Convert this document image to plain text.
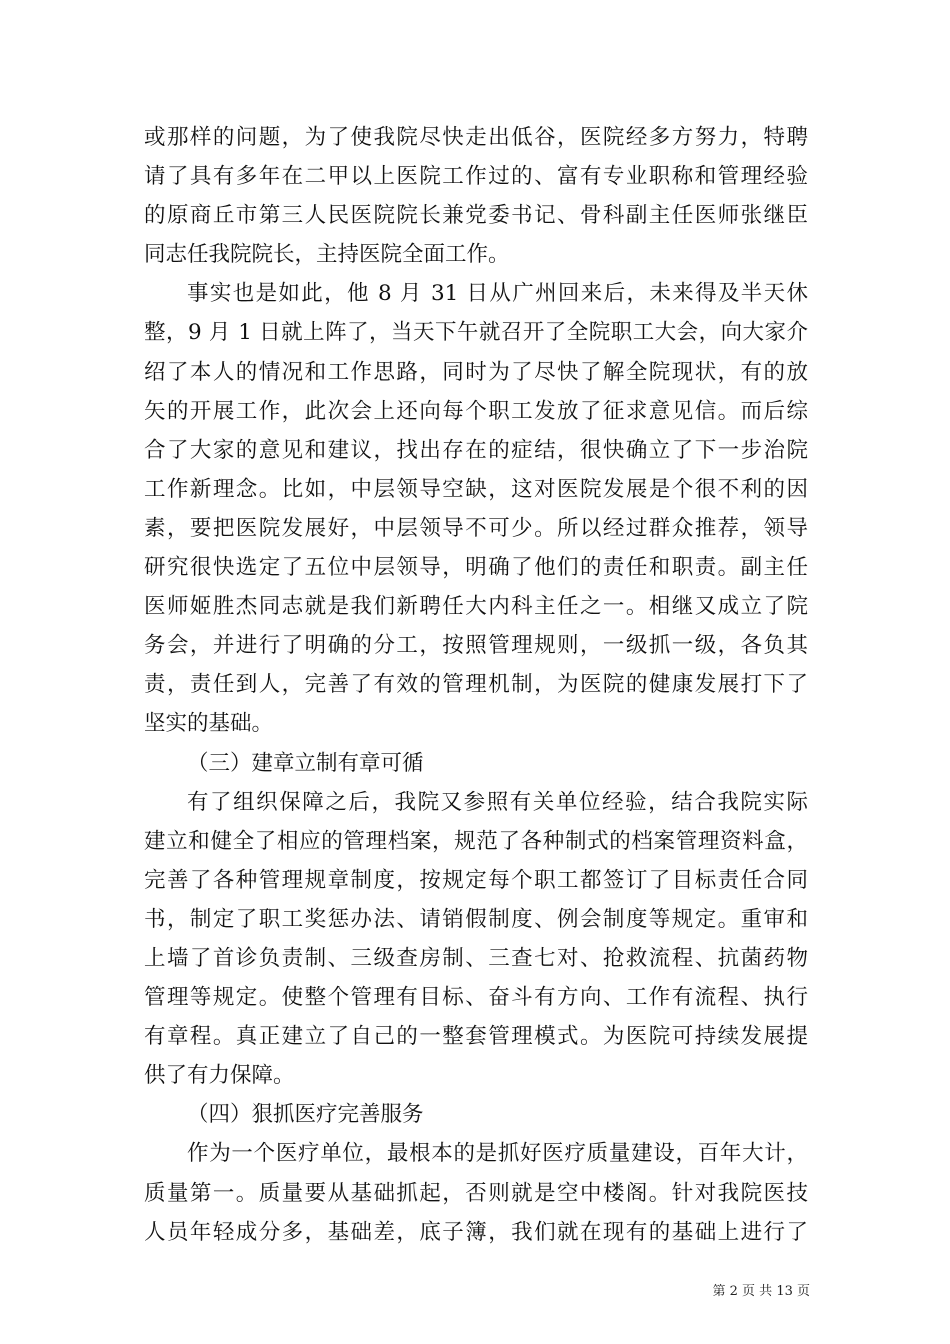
或那样的问题，为了使我院尽快走出低谷，医院经多方努力，特聘
请了具有多年在二甲以上医院工作过的、富有专业职称和管理经验
的原商丘市第三人民医院院长兼党委书记、骨科副主任医师张继臣
同志任我院院长，主持医院全面工作。
事实也是如此，他 8 月 31 日从广州回来后，未来得及半天休
整，9 月 1 日就上阵了，当天下午就召开了全院职工大会，向大家介
绍了本人的情况和工作思路，同时为了尽快了解全院现状，有的放
矢的开展工作，此次会上还向每个职工发放了征求意见信。而后综
合了大家的意见和建议，找出存在的症结，很快确立了下一步治院
工作新理念。比如，中层领导空缺，这对医院发展是个很不利的因
素，要把医院发展好，中层领导不可少。所以经过群众推荐，领导
研究很快选定了五位中层领导，明确了他们的责任和职责。副主任
医师姬胜杰同志就是我们新聘任大内科主任之一。相继又成立了院
务会，并进行了明确的分工，按照管理规则，一级抓一级，各负其
责，责任到人，完善了有效的管理机制，为医院的健康发展打下了
坚实的基础。
（三）建章立制有章可循
有了组织保障之后，我院又参照有关单位经验，结合我院实际
建立和健全了相应的管理档案，规范了各种制式的档案管理资料盒，
完善了各种管理规章制度，按规定每个职工都签订了目标责任合同
书，制定了职工奖惩办法、请销假制度、例会制度等规定。重审和
上墙了首诊负责制、三级查房制、三查七对、抢救流程、抗菌药物
管理等规定。使整个管理有目标、奋斗有方向、工作有流程、执行
有章程。真正建立了自己的一整套管理模式。为医院可持续发展提
供了有力保障。
（四）狠抓医疗完善服务
作为一个医疗单位，最根本的是抓好医疗质量建设，百年大计，
质量第一。质量要从基础抓起，否则就是空中楼阁。针对我院医技
人员年轻成分多，基础差，底子簿，我们就在现有的基础上进行了
第 2 页 共 13 页
